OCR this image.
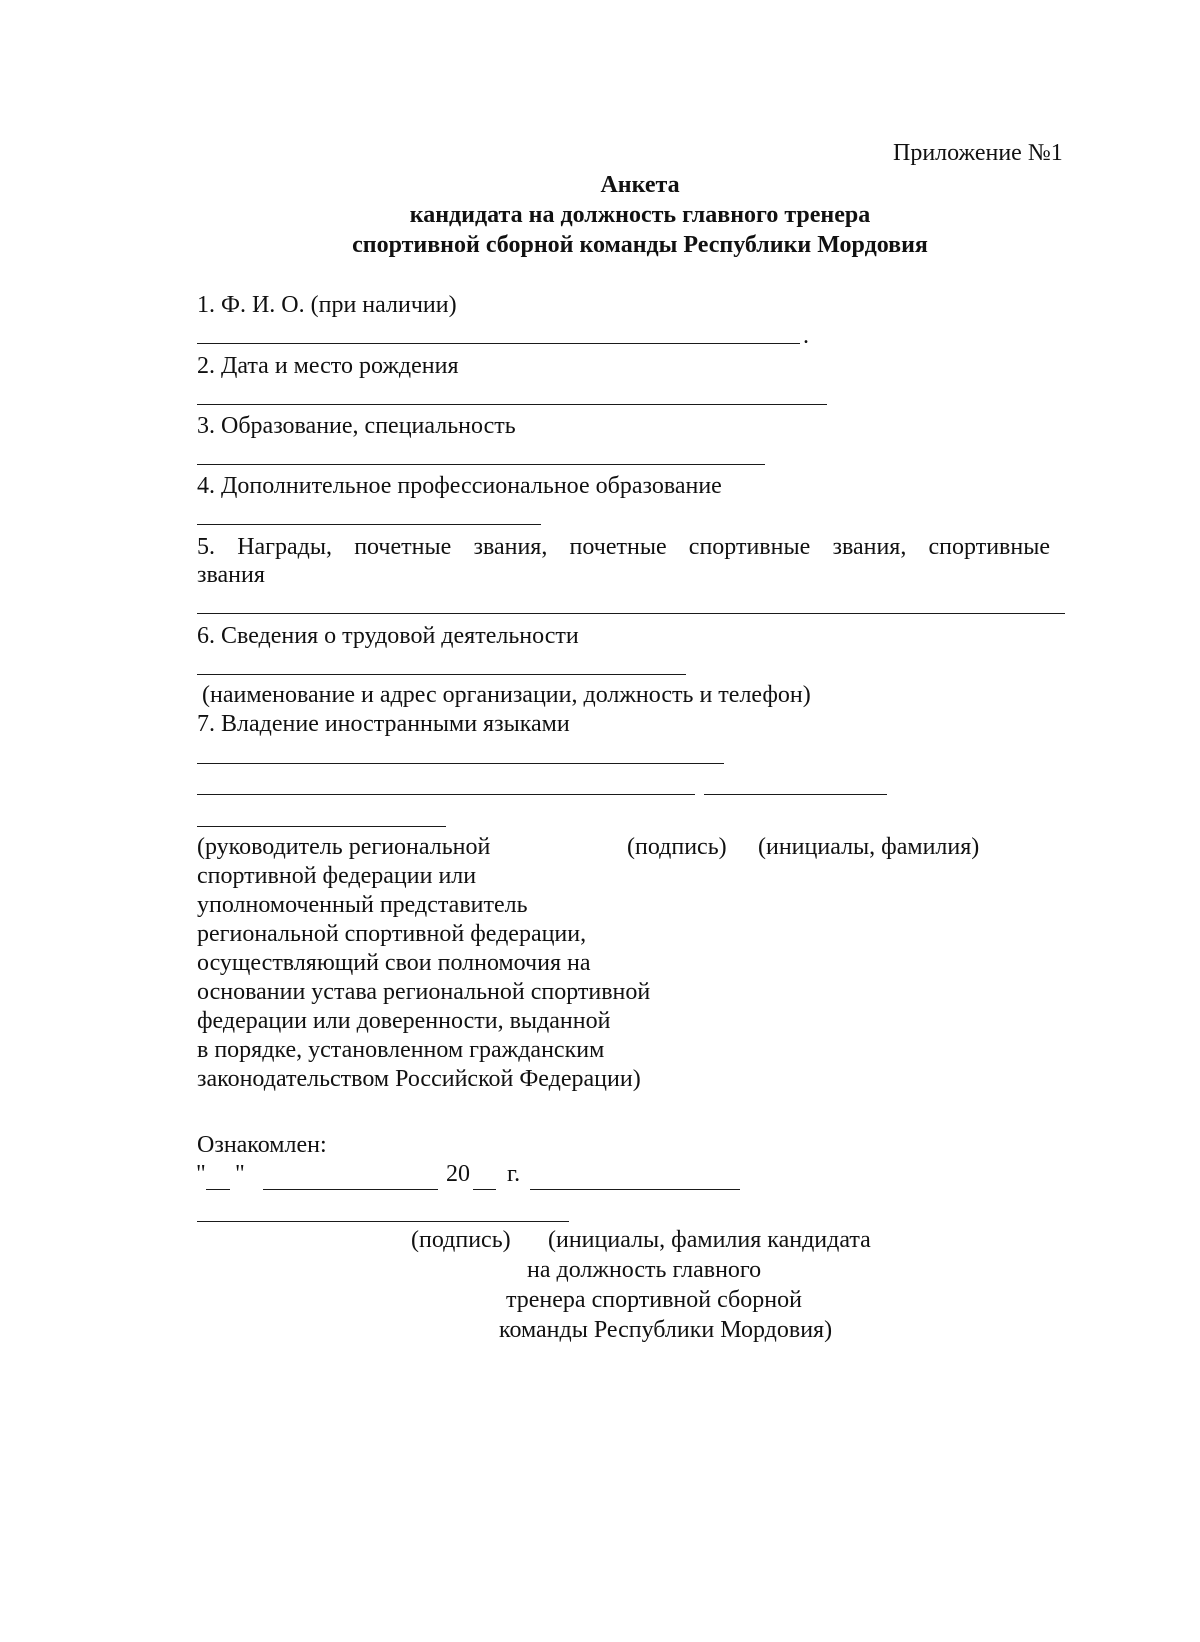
Приложение №1
Анкета
кандидата на должность главного тренера
спортивной сборной команды Республики Мордовия
1. Ф. И. О. (при наличии)
.
2. Дата и место рождения
3. Образование, специальность
4. Дополнительное профессиональное образование
5. Награды, почетные звания, почетные спортивные звания, спортивные
звания
6. Сведения о трудовой деятельности
(наименование и адрес организации, должность и телефон)
7. Владение иностранными языками
(руководитель региональной
спортивной федерации или
уполномоченный представитель
региональной спортивной федерации,
осуществляющий свои полномочия на
основании устава региональной спортивной
федерации или доверенности, выданной
в порядке, установленном гражданским
законодательством Российской Федерации)
(подпись) (инициалы, фамилия)
Ознакомлен:
" "	20 г.
(подпись) (инициалы, фамилия кандидата
на должность главного
тренера спортивной сборной
команды Республики Мордовия)
